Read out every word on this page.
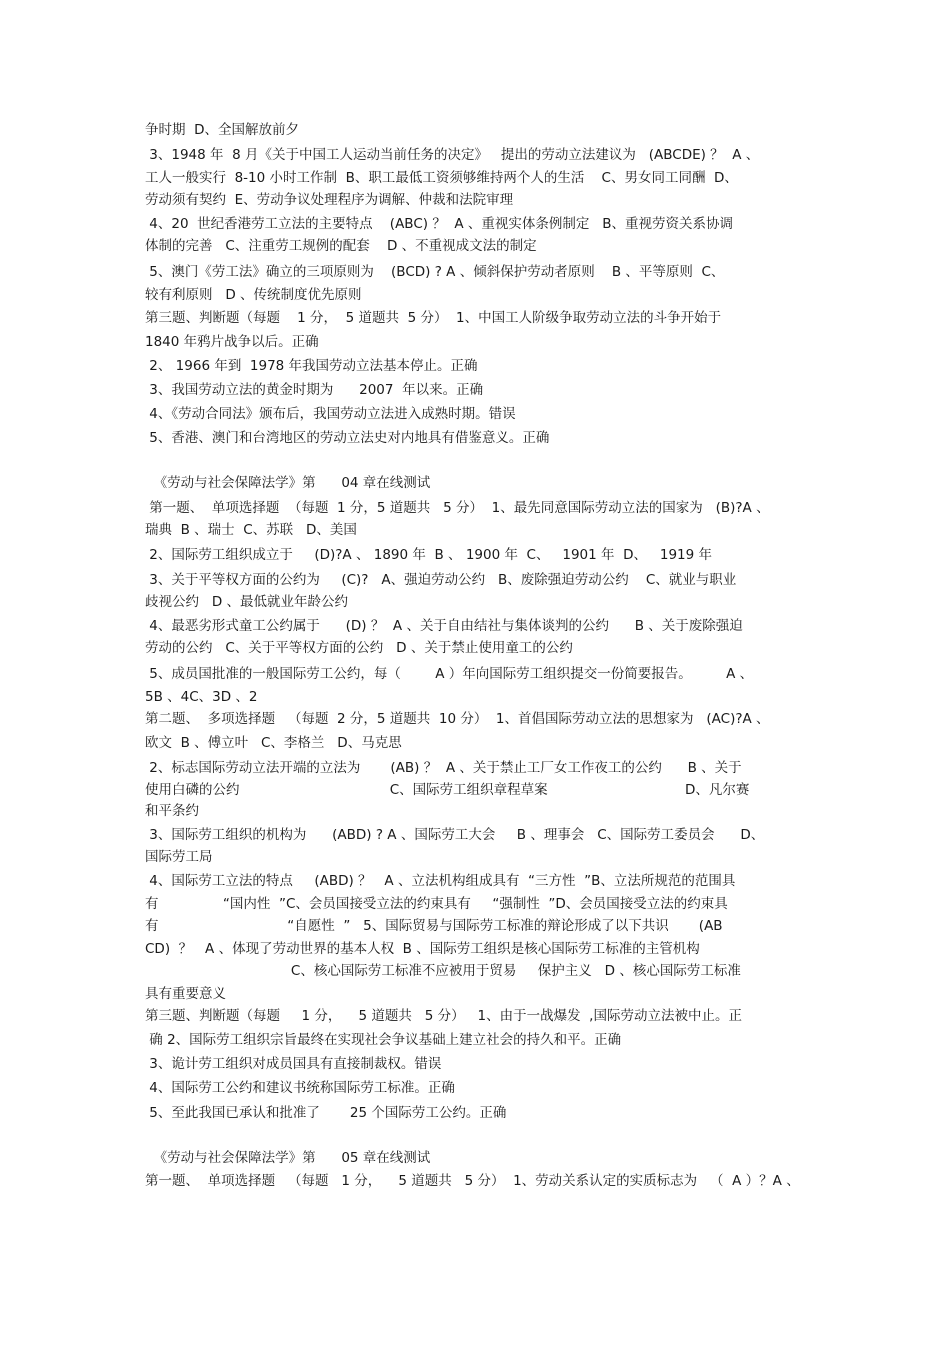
争时期  D、全国解放前夕
3、1948 年  8 月《关于中国工人运动当前任务的决定》   提出的劳动立法建议为   (ABCDE) ？  A 、
工人一般实行  8-10 小时工作制  B、职工最低工资须够维持两个人的生活    C、男女同工同酬  D、
劳动须有契约  E、劳动争议处理程序为调解、仲裁和法院审理
4、20  世纪香港劳工立法的主要特点    (ABC) ？  A 、重视实体条例制定   B、重视劳资关系协调
体制的完善   C、注重劳工规例的配套    D 、不重视成文法的制定
5、澳门《劳工法》确立的三项原则为    (BCD) ? A 、倾斜保护劳动者原则    B 、平等原则  C、
较有利原则   D 、传统制度优先原则
第三题、判断题（每题    1 分，  5 道题共  5 分）  1、中国工人阶级争取劳动立法的斗争开始于
1840 年鸦片战争以后。正确
2、 1966 年到  1978 年我国劳动立法基本停止。正确
3、我国劳动立法的黄金时期为      2007  年以来。正确
4、《劳动合同法》颁布后，我国劳动立法进入成熟时期。错误
5、香港、澳门和台湾地区的劳动立法史对内地具有借鉴意义。正确
《劳动与社会保障法学》第      04 章在线测试
第一题、  单项选择题  （每题  1 分，5 道题共   5 分）  1、最先同意国际劳动立法的国家为   (B)?A 、
瑞典  B 、瑞士  C、苏联   D、美国
2、国际劳工组织成立于     (D)?A 、 1890 年  B 、 1900 年  C、   1901 年  D、   1919 年
3、关于平等权方面的公约为     (C)?   A、强迫劳动公约   B、废除强迫劳动公约    C、就业与职业
歧视公约   D 、最低就业年龄公约
4、最恶劣形式童工公约属于      (D) ？  A 、关于自由结社与集体谈判的公约      B 、关于废除强迫
劳动的公约   C、关于平等权方面的公约   D 、关于禁止使用童工的公约
5、成员国批准的一般国际劳工公约，每（        A ）年向国际劳工组织提交一份简要报告。        A 、
5B 、4C、3D 、2
第二题、  多项选择题   （每题  2 分，5 道题共  10 分）  1、首倡国际劳动立法的思想家为   (AC)?A 、
欧文  B 、傅立叶   C、李格兰   D、马克思
2、标志国际劳动立法开端的立法为       (AB) ？  A 、关于禁止工厂女工作夜工的公约      B 、关于
使用白磷的公约                                   C、国际劳工组织章程草案                                D、凡尔赛
和平条约
3、国际劳工组织的机构为      (ABD) ? A 、国际劳工大会     B 、理事会   C、国际劳工委员会      D、
国际劳工局
4、国际劳工立法的特点     (ABD) ？   A 、立法机构组成具有  “三方性  ”B、立法所规范的范围具
有               “国内性  ”C、会员国接受立法的约束具有     “强制性  ”D、会员国接受立法的约束具
有                              “自愿性  ”   5、国际贸易与国际劳工标准的辩论形成了以下共识       (AB
CD)  ？   A 、体现了劳动世界的基本人权  B 、国际劳工组织是核心国际劳工标准的主管机构
C、核心国际劳工标准不应被用于贸易     保护主义   D 、核心国际劳工标准
具有重要意义
第三题、判断题（每题     1 分，    5 道题共   5 分）   1、由于一战爆发  ,国际劳动立法被中止。正
确 2、国际劳工组织宗旨最终在实现社会争议基础上建立社会的持久和平。正确
3、诡计劳工组织对成员国具有直接制裁权。错误
4、国际劳工公约和建议书统称国际劳工标准。正确
5、至此我国已承认和批准了       25 个国际劳工公约。正确
《劳动与社会保障法学》第      05 章在线测试
第一题、  单项选择题   （每题   1 分，    5 道题共   5 分）  1、劳动关系认定的实质标志为   （  A ）？A 、
